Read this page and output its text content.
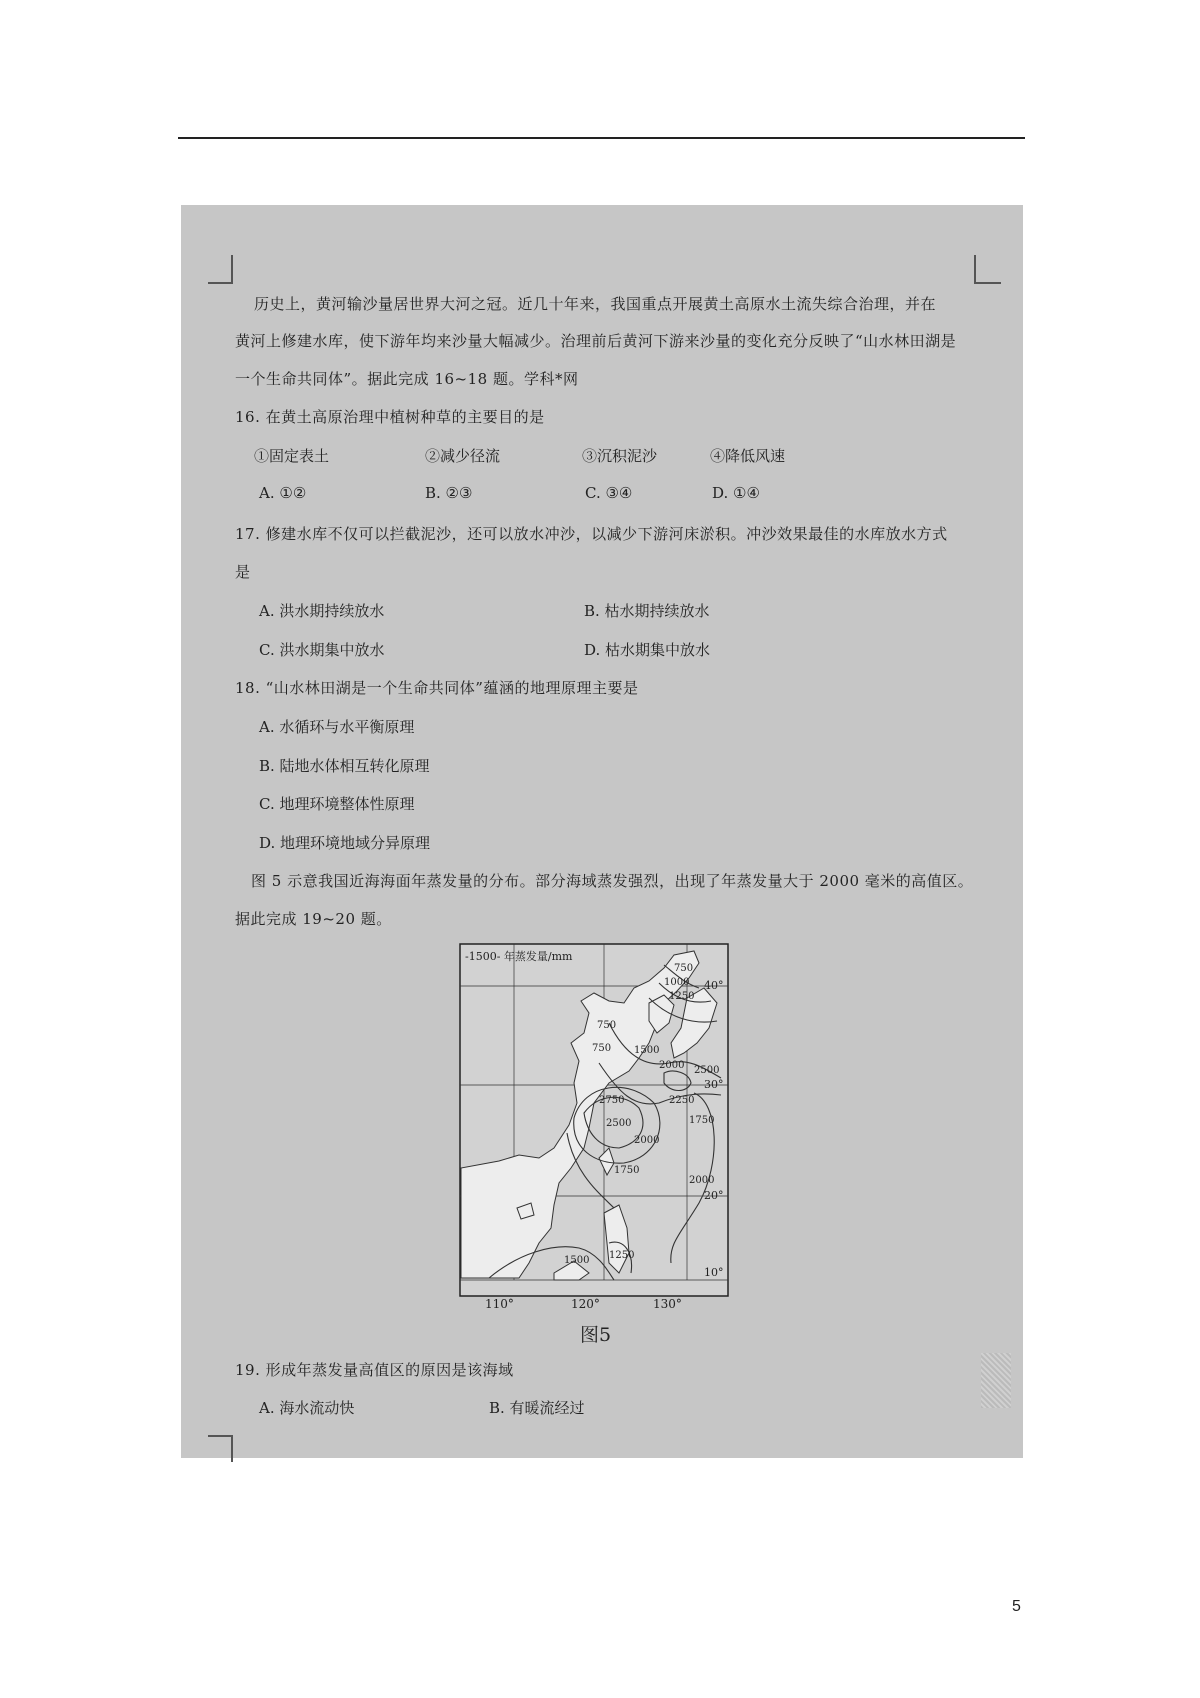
历史上，黄河输沙量居世界大河之冠。近几十年来，我国重点开展黄土高原水土流失综合治理，并在
黄河上修建水库，使下游年均来沙量大幅减少。治理前后黄河下游来沙量的变化充分反映了“山水林田湖是
一个生命共同体”。据此完成 16~18 题。学科*网
16. 在黄土高原治理中植树种草的主要目的是
①固定表土	②减少径流	③沉积泥沙	④降低风速
A. ①②	B. ②③	C. ③④	D. ①④
17. 修建水库不仅可以拦截泥沙，还可以放水冲沙，以减少下游河床淤积。冲沙效果最佳的水库放水方式
是
A. 洪水期持续放水	B. 枯水期持续放水
C. 洪水期集中放水	D. 枯水期集中放水
18. “山水林田湖是一个生命共同体”蕴涵的地理原理主要是
A. 水循环与水平衡原理
B. 陆地水体相互转化原理
C. 地理环境整体性原理
D. 地理环境地域分异原理
图 5 示意我国近海海面年蒸发量的分布。部分海域蒸发强烈，出现了年蒸发量大于 2000 毫米的高值区。
据此完成 19~20 题。
-1500- 年蒸发量/mm
750
1000
1250
750
750 1500
2500
2000
2250
2500	1750
2750
2000
1750
2000
1500 1250
40°
30°
20°
10°
110°	120°	130°
图5
19. 形成年蒸发量高值区的原因是该海域
A. 海水流动快	B. 有暖流经过
5
